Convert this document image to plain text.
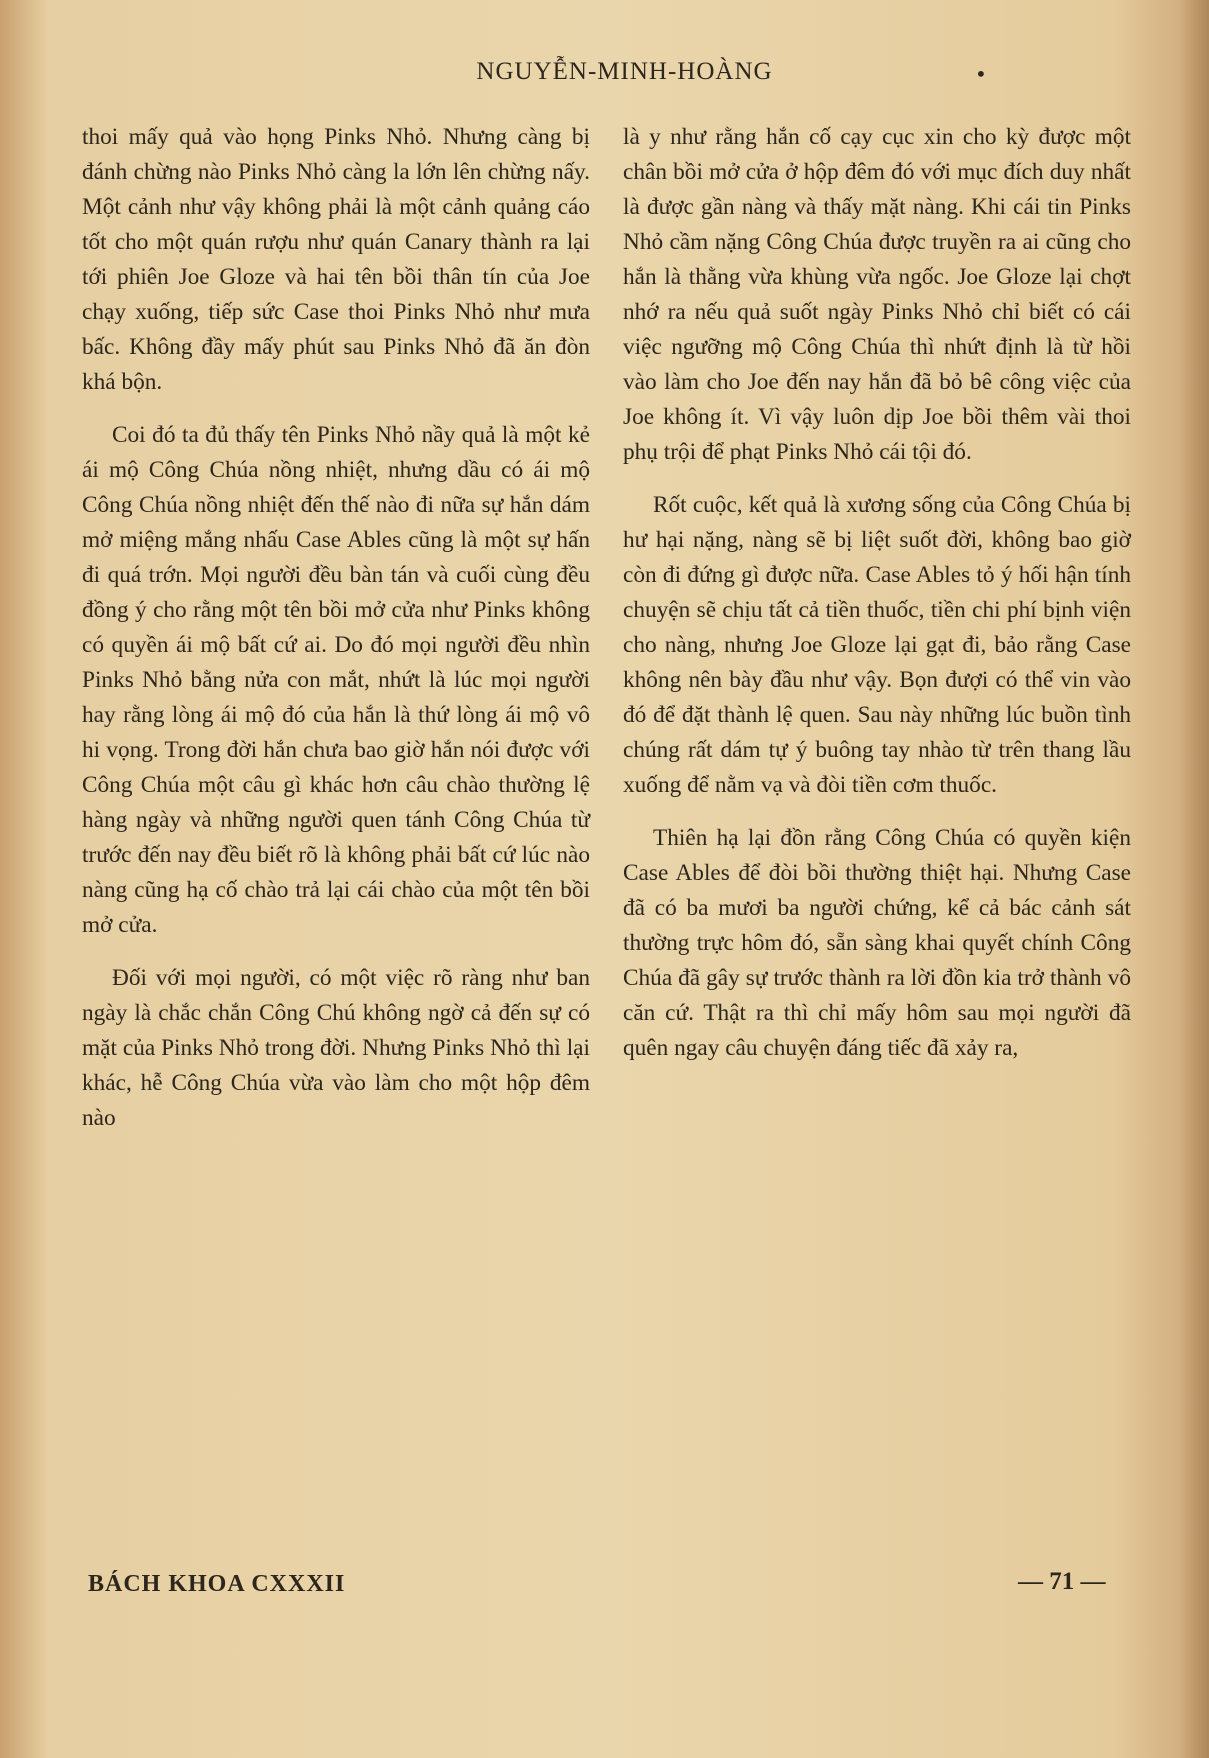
NGUYỄN-MINH-HOÀNG	•

thoi mấy quả vào họng Pinks Nhỏ. Nhưng càng bị đánh chừng nào Pinks Nhỏ càng la lớn lên chừng nấy. Một cảnh như vậy không phải là một cảnh quảng cáo tốt cho một quán rượu như quán Canary thành ra lại tới phiên Joe Gloze và hai tên bồi thân tín của Joe chạy xuống, tiếp sức Case thoi Pinks Nhỏ như mưa bấc. Không đầy mấy phút sau Pinks Nhỏ đã ăn đòn khá bộn.

Coi đó ta đủ thấy tên Pinks Nhỏ nầy quả là một kẻ ái mộ Công Chúa nồng nhiệt, nhưng dầu có ái mộ Công Chúa nồng nhiệt đến thế nào đi nữa sự hắn dám mở miệng mắng nhấu Case Ables cũng là một sự hấn đi quá trớn. Mọi người đều bàn tán và cuối cùng đều đồng ý cho rằng một tên bồi mở cửa như Pinks không có quyền ái mộ bất cứ ai. Do đó mọi người đều nhìn Pinks Nhỏ bằng nửa con mắt, nhứt là lúc mọi người hay rằng lòng ái mộ đó của hắn là thứ lòng ái mộ vô hi vọng. Trong đời hắn chưa bao giờ hắn nói được với Công Chúa một câu gì khác hơn câu chào thường lệ hàng ngày và những người quen tánh Công Chúa từ trước đến nay đều biết rõ là không phải bất cứ lúc nào nàng cũng hạ cố chào trả lại cái chào của một tên bồi mở cửa.

Đối với mọi người, có một việc rõ ràng như ban ngày là chắc chắn Công Chú không ngờ cả đến sự có mặt của Pinks Nhỏ trong đời. Nhưng Pinks Nhỏ thì lại khác, hễ Công Chúa vừa vào làm cho một hộp đêm nào

là y như rằng hắn cố cạy cục xin cho kỳ được một chân bồi mở cửa ở hộp đêm đó với mục đích duy nhất là được gần nàng và thấy mặt nàng. Khi cái tin Pinks Nhỏ cầm nặng Công Chúa được truyền ra ai cũng cho hắn là thằng vừa khùng vừa ngốc. Joe Gloze lại chợt nhớ ra nếu quả suốt ngày Pinks Nhỏ chỉ biết có cái việc ngưỡng mộ Công Chúa thì nhứt định là từ hồi vào làm cho Joe đến nay hắn đã bỏ bê công việc của Joe không ít. Vì vậy luôn dịp Joe bồi thêm vài thoi phụ trội để phạt Pinks Nhỏ cái tội đó.

Rốt cuộc, kết quả là xương sống của Công Chúa bị hư hại nặng, nàng sẽ bị liệt suốt đời, không bao giờ còn đi đứng gì được nữa. Case Ables tỏ ý hối hận tính chuyện sẽ chịu tất cả tiền thuốc, tiền chi phí bịnh viện cho nàng, nhưng Joe Gloze lại gạt đi, bảo rằng Case không nên bày đầu như vậy. Bọn đượi có thể vin vào đó để đặt thành lệ quen. Sau này những lúc buồn tình chúng rất dám tự ý buông tay nhào từ trên thang lầu xuống để nằm vạ và đòi tiền cơm thuốc.

Thiên hạ lại đồn rằng Công Chúa có quyền kiện Case Ables để đòi bồi thường thiệt hại. Nhưng Case đã có ba mươi ba người chứng, kể cả bác cảnh sát thường trực hôm đó, sẵn sàng khai quyết chính Công Chúa đã gây sự trước thành ra lời đồn kia trở thành vô căn cứ. Thật ra thì chỉ mấy hôm sau mọi người đã quên ngay câu chuyện đáng tiếc đã xảy ra,

BÁCH KHOA CXXXII	— 71 —
